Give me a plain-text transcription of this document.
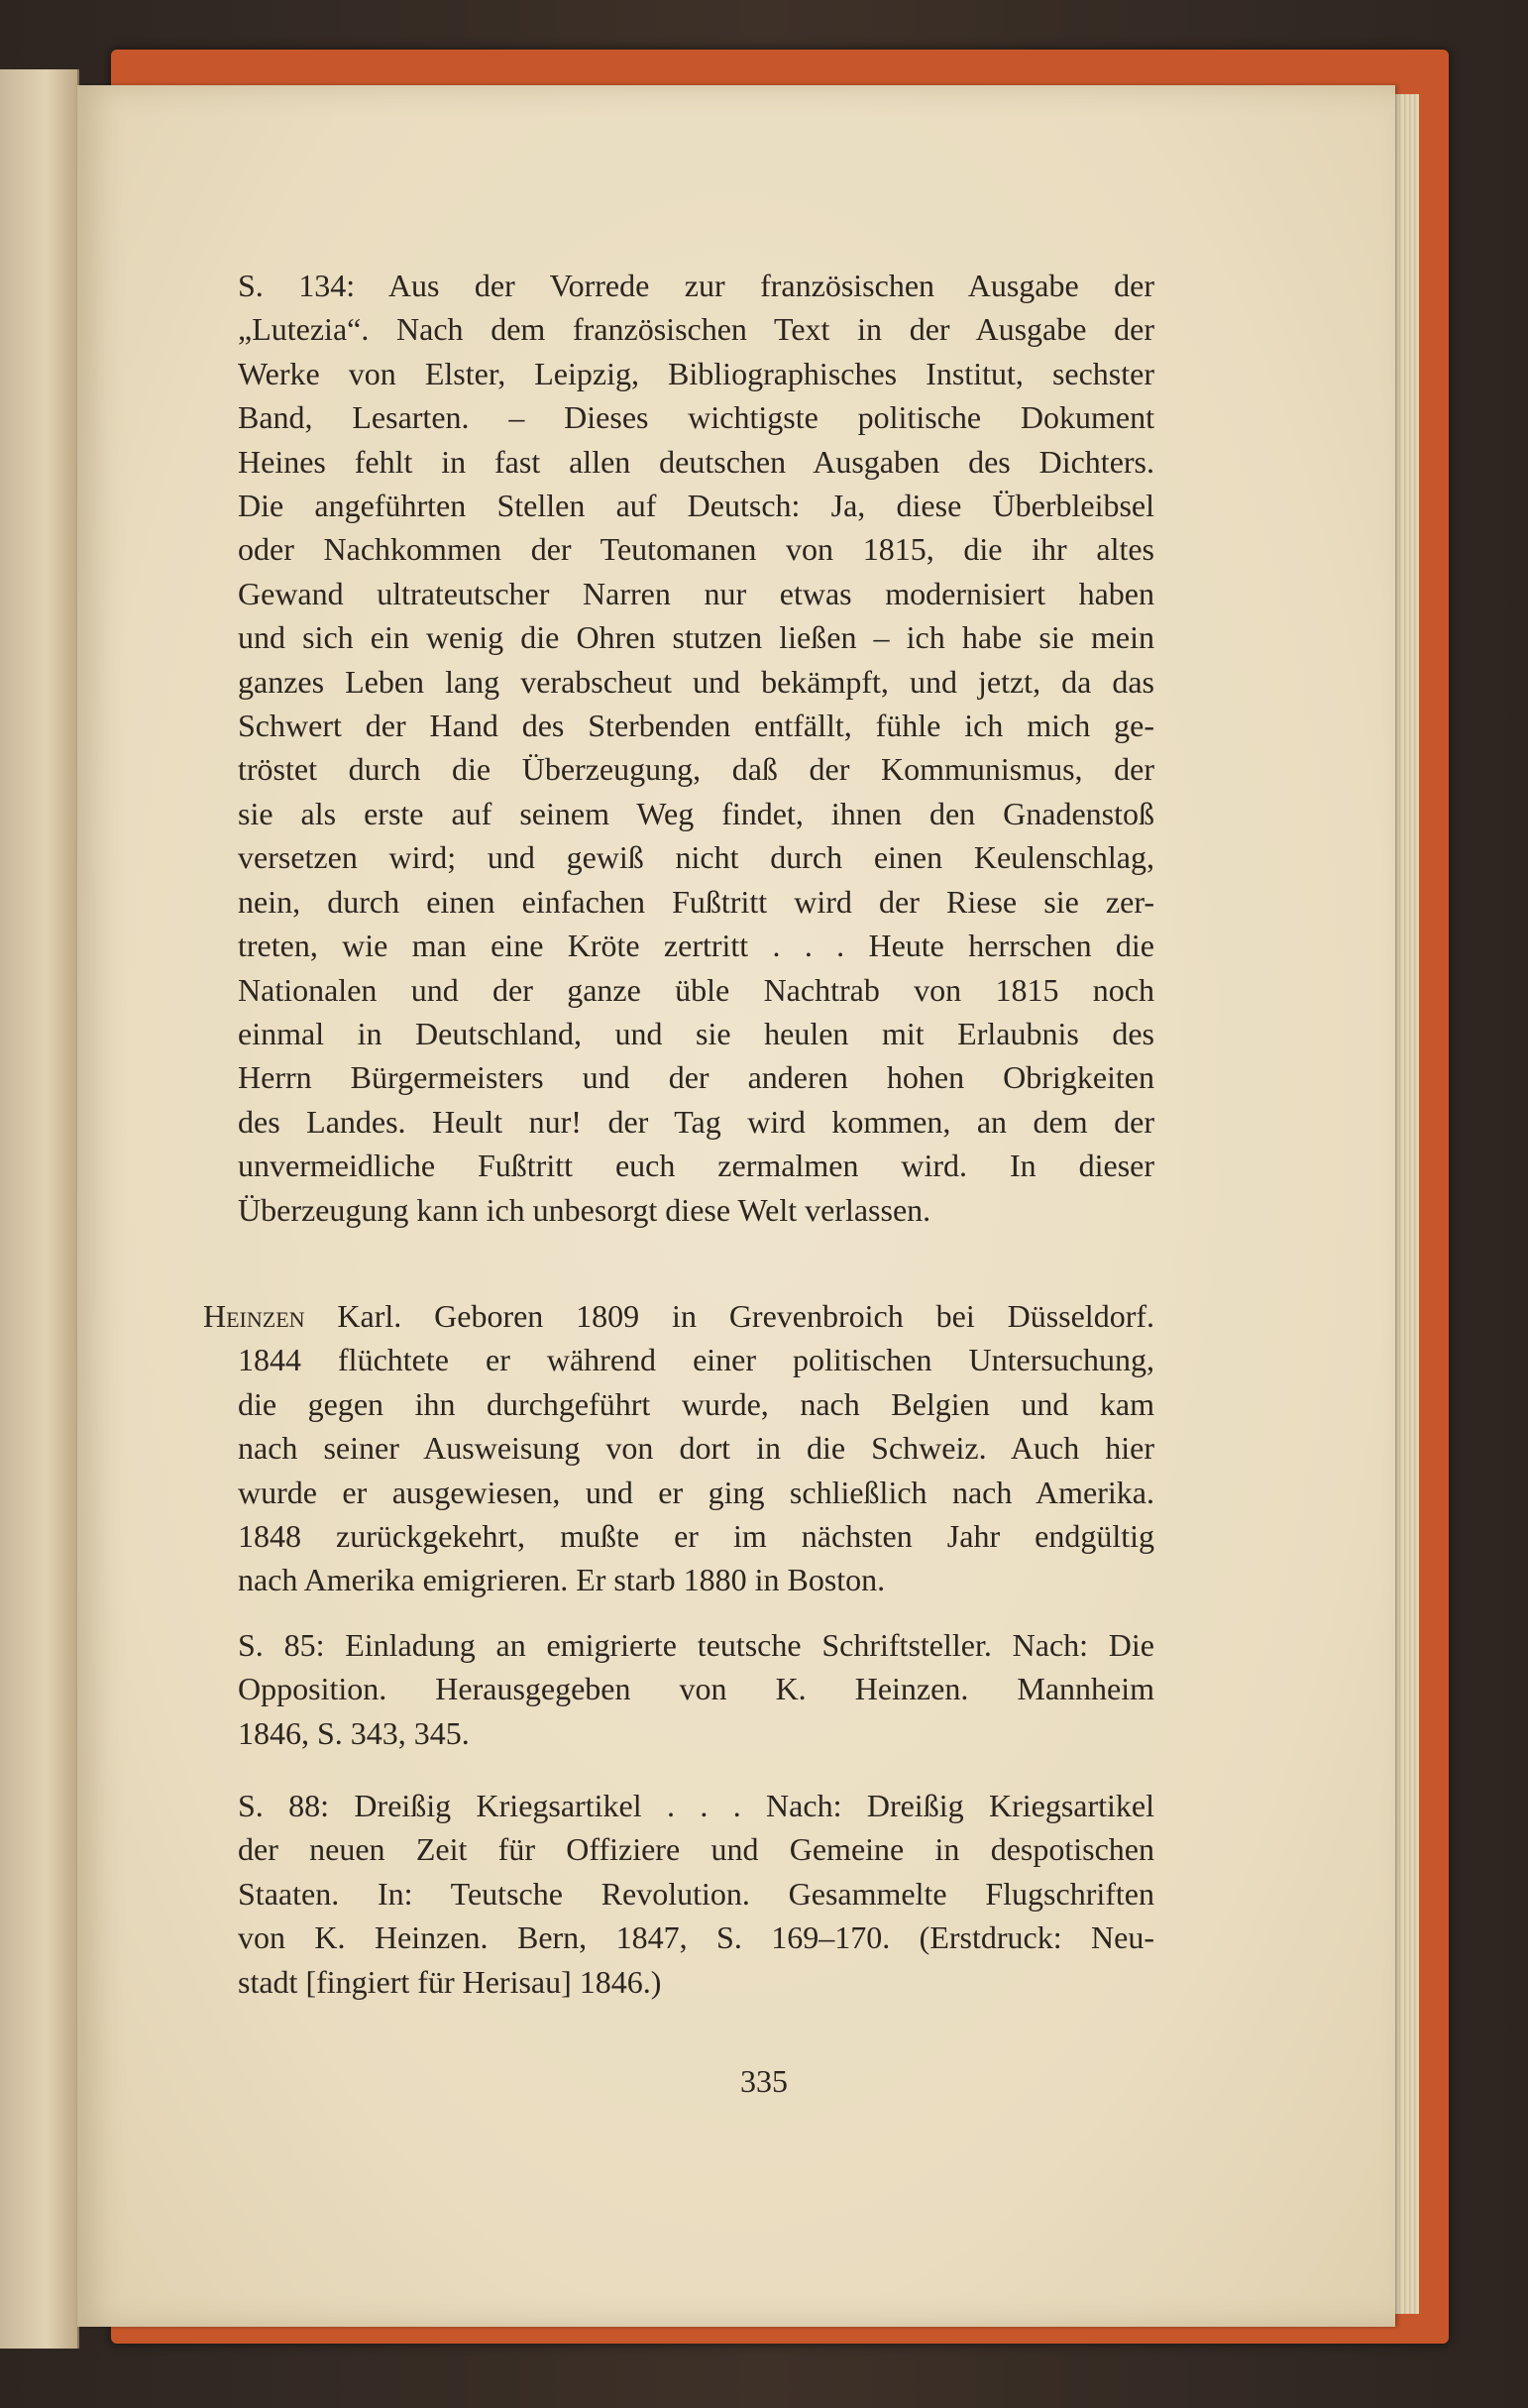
S. 134: Aus der Vorrede zur französischen Ausgabe der
„Lutezia“. Nach dem französischen Text in der Ausgabe der
Werke von Elster, Leipzig, Bibliographisches Institut, sechster
Band, Lesarten. – Dieses wichtigste politische Dokument
Heines fehlt in fast allen deutschen Ausgaben des Dichters.
Die angeführten Stellen auf Deutsch: Ja, diese Überbleibsel
oder Nachkommen der Teutomanen von 1815, die ihr altes
Gewand ultrateutscher Narren nur etwas modernisiert haben
und sich ein wenig die Ohren stutzen ließen – ich habe sie mein
ganzes Leben lang verabscheut und bekämpft, und jetzt, da das
Schwert der Hand des Sterbenden entfällt, fühle ich mich ge-
tröstet durch die Überzeugung, daß der Kommunismus, der
sie als erste auf seinem Weg findet, ihnen den Gnadenstoß
versetzen wird; und gewiß nicht durch einen Keulenschlag,
nein, durch einen einfachen Fußtritt wird der Riese sie zer-
treten, wie man eine Kröte zertritt . . . Heute herrschen die
Nationalen und der ganze üble Nachtrab von 1815 noch
einmal in Deutschland, und sie heulen mit Erlaubnis des
Herrn Bürgermeisters und der anderen hohen Obrigkeiten
des Landes. Heult nur! der Tag wird kommen, an dem der
unvermeidliche Fußtritt euch zermalmen wird. In dieser
Überzeugung kann ich unbesorgt diese Welt verlassen.
Heinzen Karl. Geboren 1809 in Grevenbroich bei Düsseldorf.
1844 flüchtete er während einer politischen Untersuchung,
die gegen ihn durchgeführt wurde, nach Belgien und kam
nach seiner Ausweisung von dort in die Schweiz. Auch hier
wurde er ausgewiesen, und er ging schließlich nach Amerika.
1848 zurückgekehrt, mußte er im nächsten Jahr endgültig
nach Amerika emigrieren. Er starb 1880 in Boston.
S. 85: Einladung an emigrierte teutsche Schriftsteller. Nach: Die
Opposition. Herausgegeben von K. Heinzen. Mannheim
1846, S. 343, 345.
S. 88: Dreißig Kriegsartikel . . . Nach: Dreißig Kriegsartikel
der neuen Zeit für Offiziere und Gemeine in despotischen
Staaten. In: Teutsche Revolution. Gesammelte Flugschriften
von K. Heinzen. Bern, 1847, S. 169–170. (Erstdruck: Neu-
stadt [fingiert für Herisau] 1846.)
335
